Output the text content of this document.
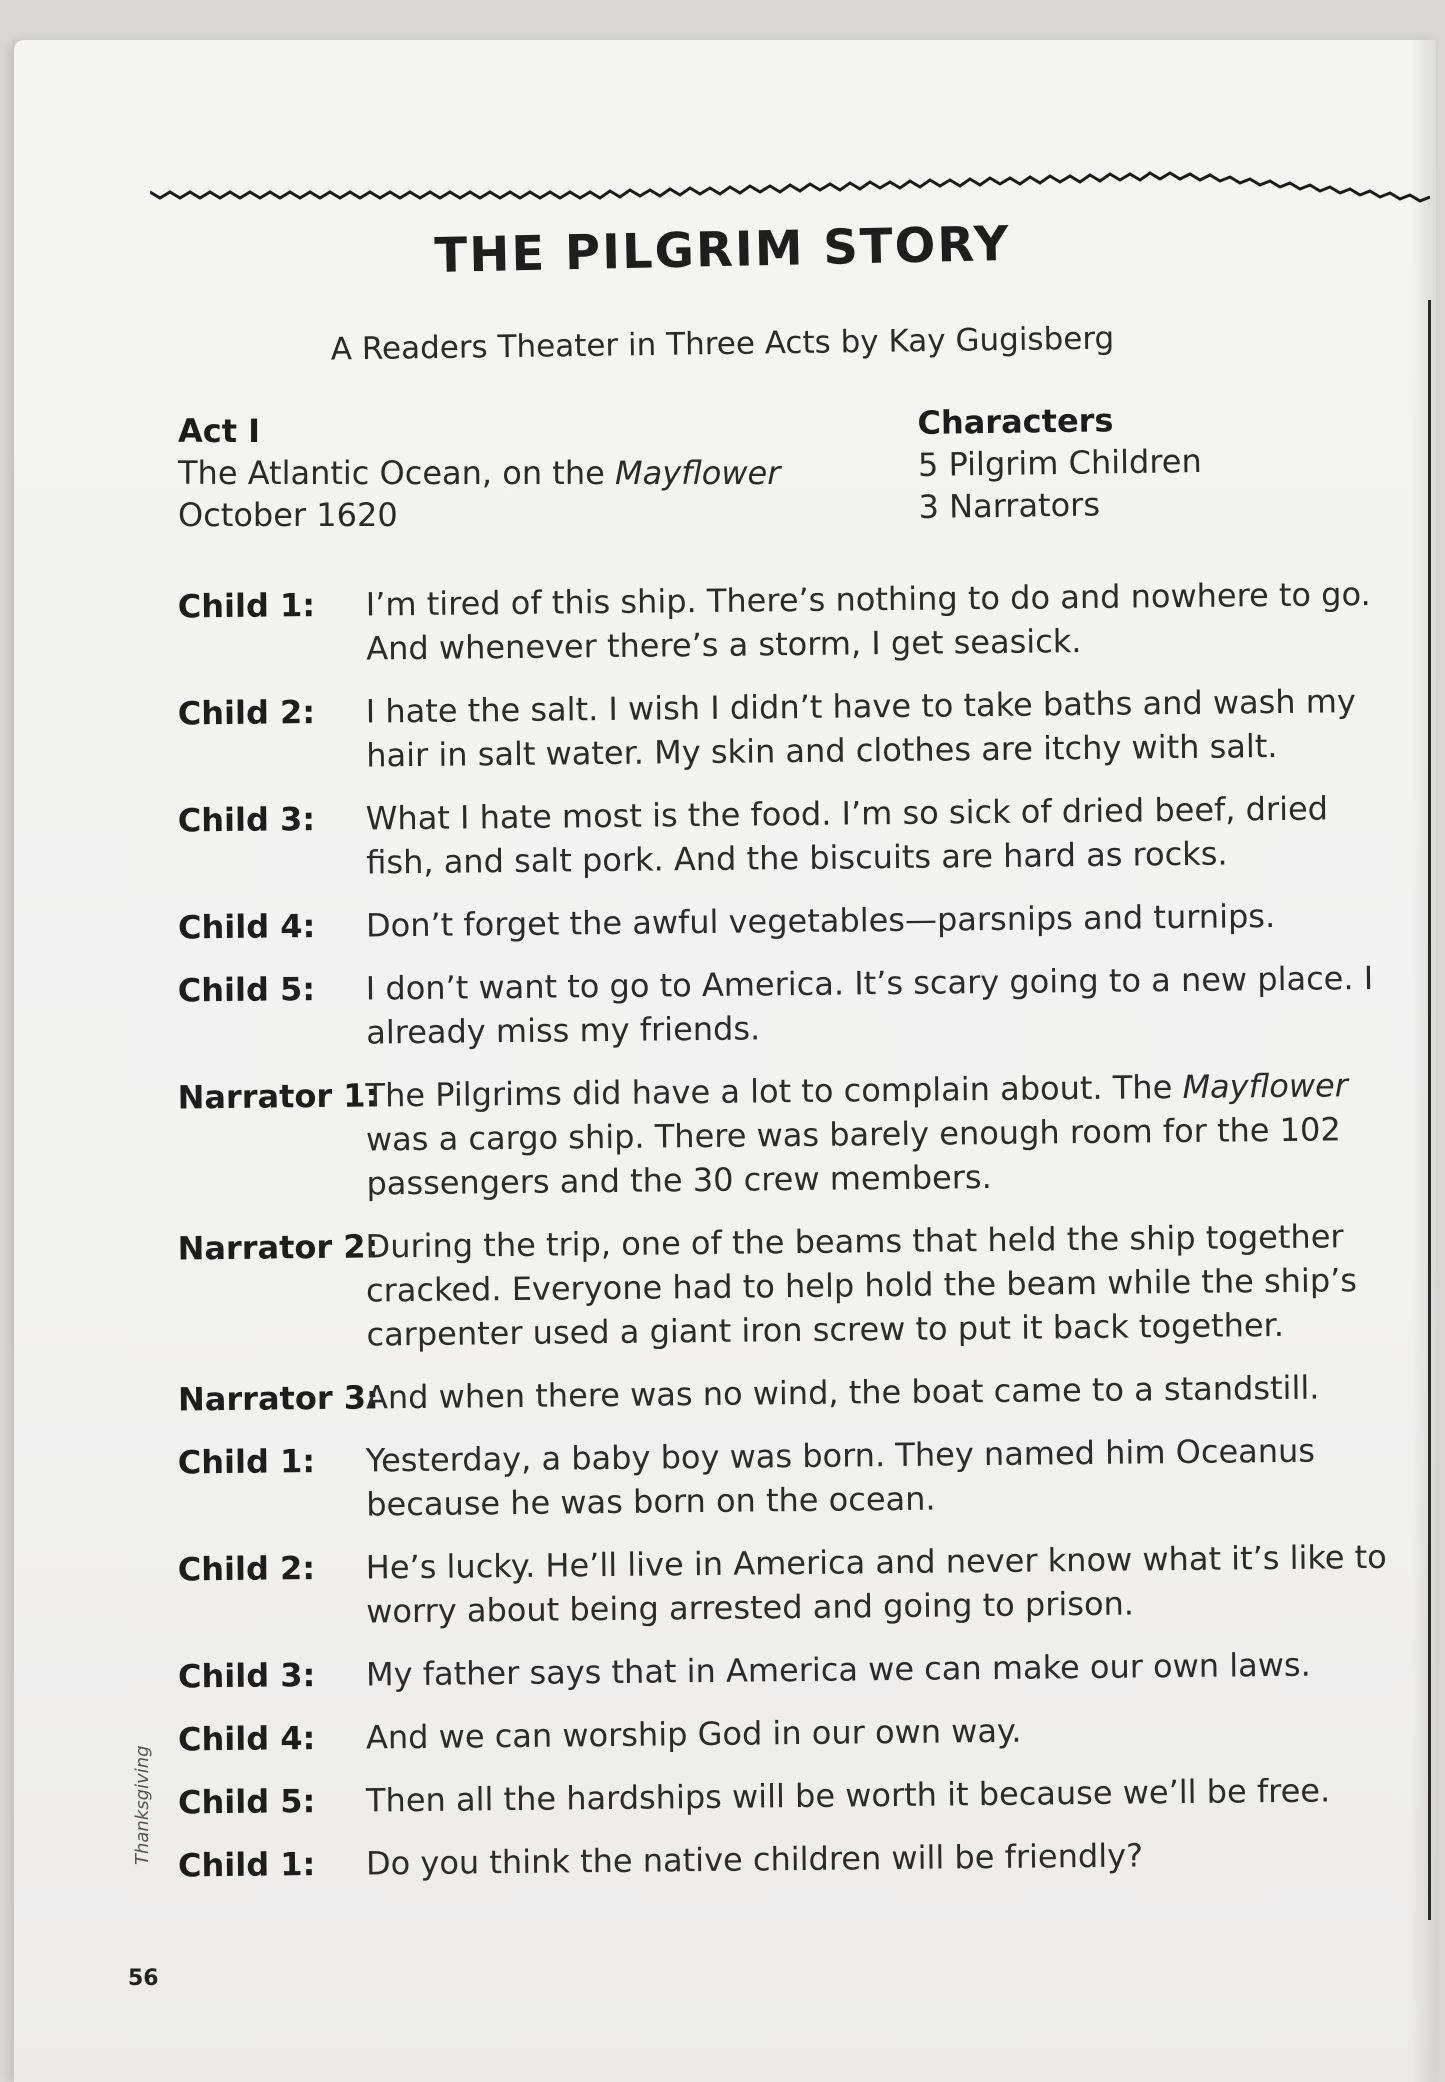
THE PILGRIM STORY
A Readers Theater in Three Acts by Kay Gugisberg
Act I
The Atlantic Ocean, on the Mayflower
October 1620
Characters
5 Pilgrim Children
3 Narrators
Child 1:	I’m tired of this ship. There’s nothing to do and nowhere to go. And whenever there’s a storm, I get seasick.
Child 2:	I hate the salt. I wish I didn’t have to take baths and wash my hair in salt water. My skin and clothes are itchy with salt.
Child 3:	What I hate most is the food. I’m so sick of dried beef, dried fish, and salt pork. And the biscuits are hard as rocks.
Child 4:	Don’t forget the awful vegetables—parsnips and turnips.
Child 5:	I don’t want to go to America. It’s scary going to a new place. I already miss my friends.
Narrator 1:
The Pilgrims did have a lot to complain about. The Mayflower was a cargo ship. There was barely enough room for the 102 passengers and the 30 crew members.
Narrator 2:
During the trip, one of the beams that held the ship together cracked. Everyone had to help hold the beam while the ship’s carpenter used a giant iron screw to put it back together.
Narrator 3:
And when there was no wind, the boat came to a standstill.
Child 1:	Yesterday, a baby boy was born. They named him Oceanus because he was born on the ocean.
Child 2:	He’s lucky. He’ll live in America and never know what it’s like to worry about being arrested and going to prison.
Child 3:	My father says that in America we can make our own laws.
Child 4:	And we can worship God in our own way.
Child 5:	Then all the hardships will be worth it because we’ll be free.
Child 1:	Do you think the native children will be friendly?
Thanksgiving
56
